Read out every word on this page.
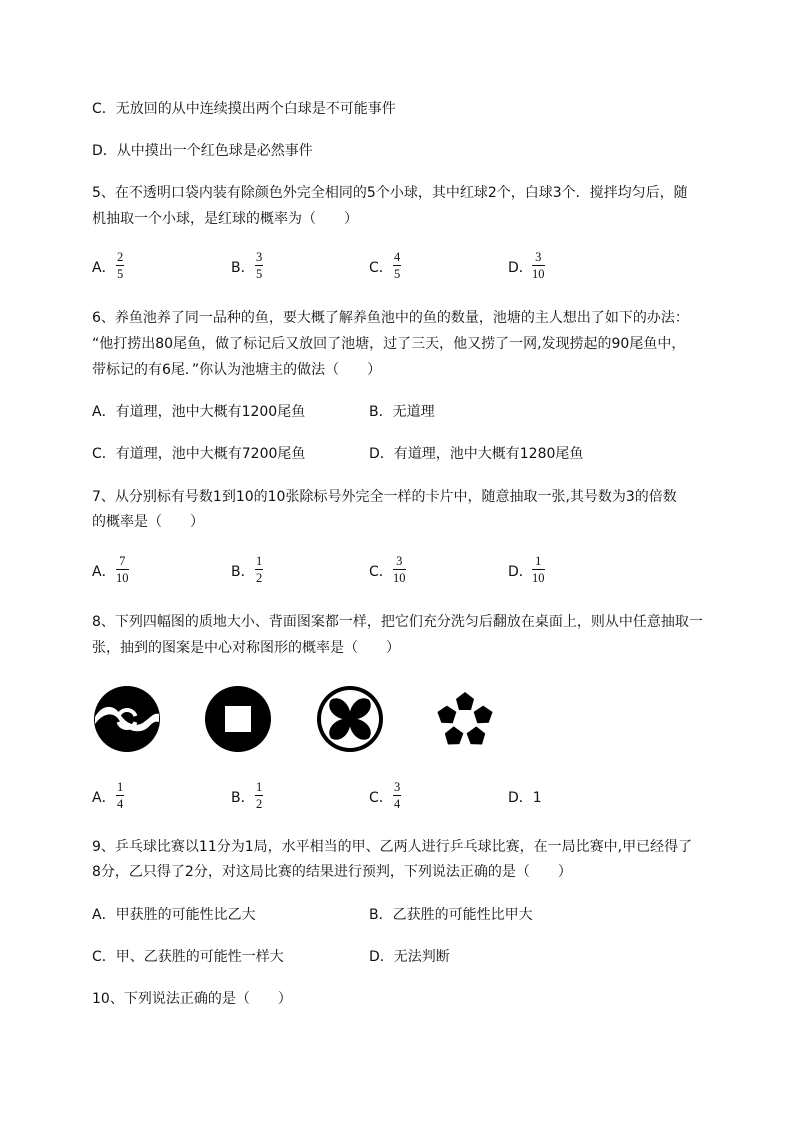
C．无放回的从中连续摸出两个白球是不可能事件
D．从中摸出一个红色球是必然事件
5、在不透明口袋内装有除颜色外完全相同的5个小球，其中红球2个，白球3个．搅拌均匀后，随
机抽取一个小球，是红球的概率为（　　）
A．
2
5	B．
3
5	C．
4
5	D．
3
10
6、养鱼池养了同一品种的鱼，要大概了解养鱼池中的鱼的数量，池塘的主人想出了如下的办法：
“他打捞出80尾鱼，做了标记后又放回了池塘，过了三天，他又捞了一网,发现捞起的90尾鱼中，
带标记的有6尾．”你认为池塘主的做法（　　）
A．有道理，池中大概有1200尾鱼	B．无道理
C．有道理，池中大概有7200尾鱼	D．有道理，池中大概有1280尾鱼
7、从分别标有号数1到10的10张除标号外完全一样的卡片中，随意抽取一张,其号数为3的倍数
的概率是（　　）
A．
7
10	B．
1
2	C．
3
10	D．
1
10
8、下列四幅图的质地大小、背面图案都一样，把它们充分洗匀后翻放在桌面上，则从中任意抽取一
张，抽到的图案是中心对称图形的概率是（　　）
A．
1
4	B．
1
2	C．
3
4	D．1
9、乒乓球比赛以11分为1局，水平相当的甲、乙两人进行乒乓球比赛，在一局比赛中,甲已经得了
8分，乙只得了2分，对这局比赛的结果进行预判，下列说法正确的是（　　）
A．甲获胜的可能性比乙大	B．乙获胜的可能性比甲大
C．甲、乙获胜的可能性一样大	D．无法判断
10、下列说法正确的是（　　）
